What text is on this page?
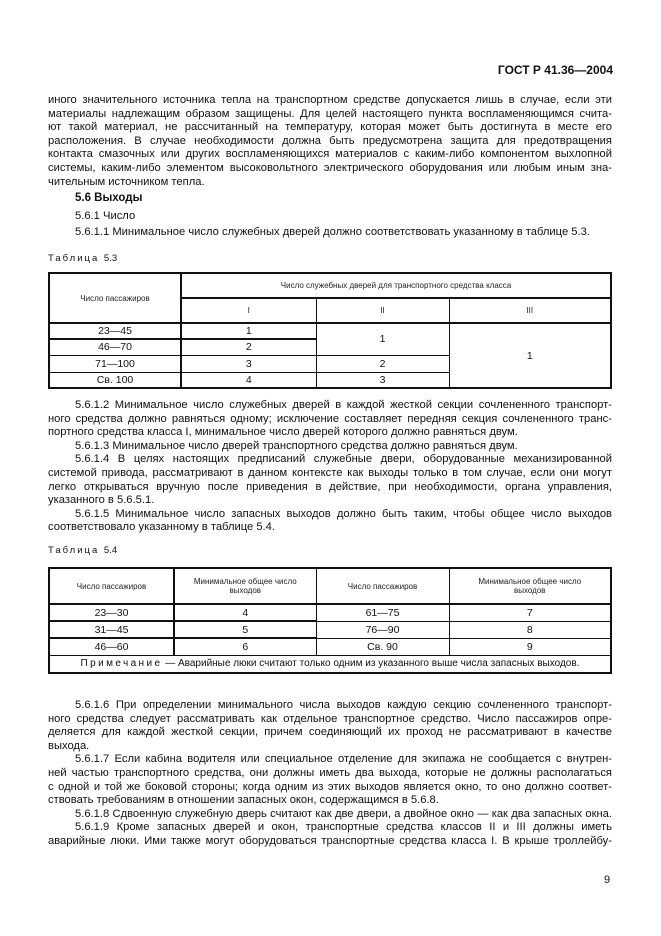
ГОСТ Р 41.36—2004
иного значительного источника тепла на транспортном средстве допускается лишь в случае, если эти
материалы надлежащим образом защищены. Для целей настоящего пункта воспламеняющимся счита-
ют такой материал, не рассчитанный на температуру, которая может быть достигнута в месте его
расположения. В случае необходимости должна быть предусмотрена защита для предотвращения
контакта смазочных или других воспламеняющихся материалов с каким-либо компонентом выхлопной
системы, каким-либо элементом высоковольтного электрического оборудования или любым иным зна-
чительным источником тепла.
5.6 Выходы
5.6.1 Число
5.6.1.1 Минимальное число служебных дверей должно соответствовать указанному в таблице 5.3.
Таблица 5.3
Число пассажиров	Число служебных дверей для транспортного средства класса		
	I	II	III
23—45	1	1	1
46—70	2		
71—100	3	2	
Св. 100	4	3	
5.6.1.2 Минимальное число служебных дверей в каждой жесткой секции сочлененного транспорт-
ного средства должно равняться одному; исключение составляет передняя секция сочлененного транс-
портного средства класса I, минимальное число дверей которого должно равняться двум.
5.6.1.3 Минимальное число дверей транспортного средства должно равняться двум.
5.6.1.4 В целях настоящих предписаний служебные двери, оборудованные механизированной
системой привода, рассматривают в данном контексте как выходы только в том случае, если они могут
легко открываться вручную после приведения в действие, при необходимости, органа управления,
указанного в 5.6.5.1.
5.6.1.5 Минимальное число запасных выходов должно быть таким, чтобы общее число выходов
соответствовало указанному в таблице 5.4.
Таблица 5.4
Число пассажиров	Минимальное общее число выходов	Число пассажиров	Минимальное общее число выходов
23—30	4	61—75	7
31—45	5	76—90	8
46—60	6	Св. 90	9
Примечание — Аварийные люки считают только одним из указанного выше числа запасных выходов.			
5.6.1.6 При определении минимального числа выходов каждую секцию сочлененного транспорт-
ного средства следует рассматривать как отдельное транспортное средство. Число пассажиров опре-
деляется для каждой жесткой секции, причем соединяющий их проход не рассматривают в качестве
выхода.
5.6.1.7 Если кабина водителя или специальное отделение для экипажа не сообщается с внутрен-
ней частью транспортного средства, они должны иметь два выхода, которые не должны располагаться
с одной и той же боковой стороны; когда одним из этих выходов является окно, то оно должно соответ-
ствовать требованиям в отношении запасных окон, содержащимся в 5.6.8.
5.6.1.8 Сдвоенную служебную дверь считают как две двери, а двойное окно — как два запасных окна.
5.6.1.9 Кроме запасных дверей и окон, транспортные средства классов II и III должны иметь
аварийные люки. Ими также могут оборудоваться транспортные средства класса I. В крыше троллейбу-
9
